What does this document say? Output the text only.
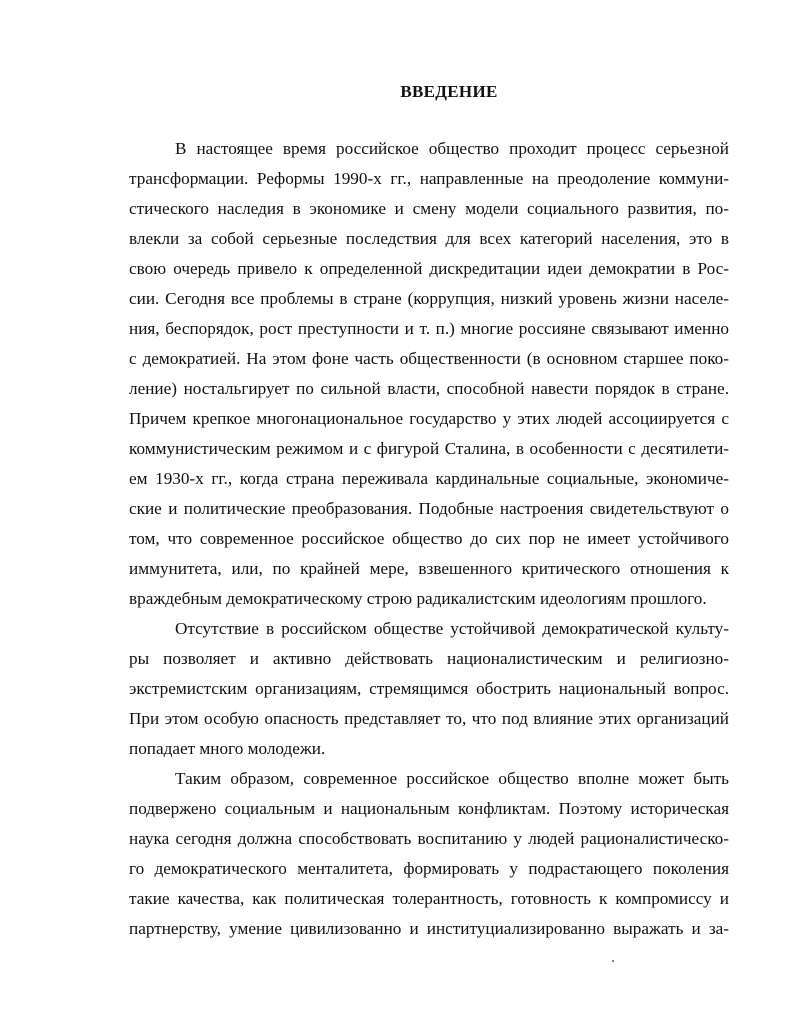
ВВЕДЕНИЕ

В настоящее время российское общество проходит процесс серьезной

трансформации. Реформы 1990-х гг., направленные на преодоление коммуни-

стического наследия в экономике и смену модели социального развития, по-

влекли за собой серьезные последствия для всех категорий населения, это в

свою очередь привело к определенной дискредитации идеи демократии в Рос-

сии. Сегодня все проблемы в стране (коррупция, низкий уровень жизни населе-

ния, беспорядок, рост преступности и т. п.) многие россияне связывают именно

с демократией. На этом фоне часть общественности (в основном старшее поко-

ление) ностальгирует по сильной власти, способной навести порядок в стране.

Причем крепкое многонациональное государство у этих людей ассоциируется с

коммунистическим режимом и с фигурой Сталина, в особенности с десятилети-

ем 1930-х гг., когда страна переживала кардинальные социальные, экономиче-

ские и политические преобразования. Подобные настроения свидетельствуют о

том, что современное российское общество до сих пор не имеет устойчивого

иммунитета, или, по крайней мере, взвешенного критического отношения к

враждебным демократическому строю радикалистским идеологиям прошлого.

Отсутствие в российском обществе устойчивой демократической культу-

ры позволяет и активно действовать националистическим и религиозно-

экстремистским организациям, стремящимся обострить национальный вопрос.

При этом особую опасность представляет то, что под влияние этих организаций

попадает много молодежи.

Таким образом, современное российское общество вполне может быть

подвержено социальным и национальным конфликтам. Поэтому историческая

наука сегодня должна способствовать воспитанию у людей рационалистическо-

го демократического менталитета, формировать у подрастающего поколения

такие качества, как политическая толерантность, готовность к компромиссу и

партнерству, умение цивилизованно и институциализированно выражать и за-
